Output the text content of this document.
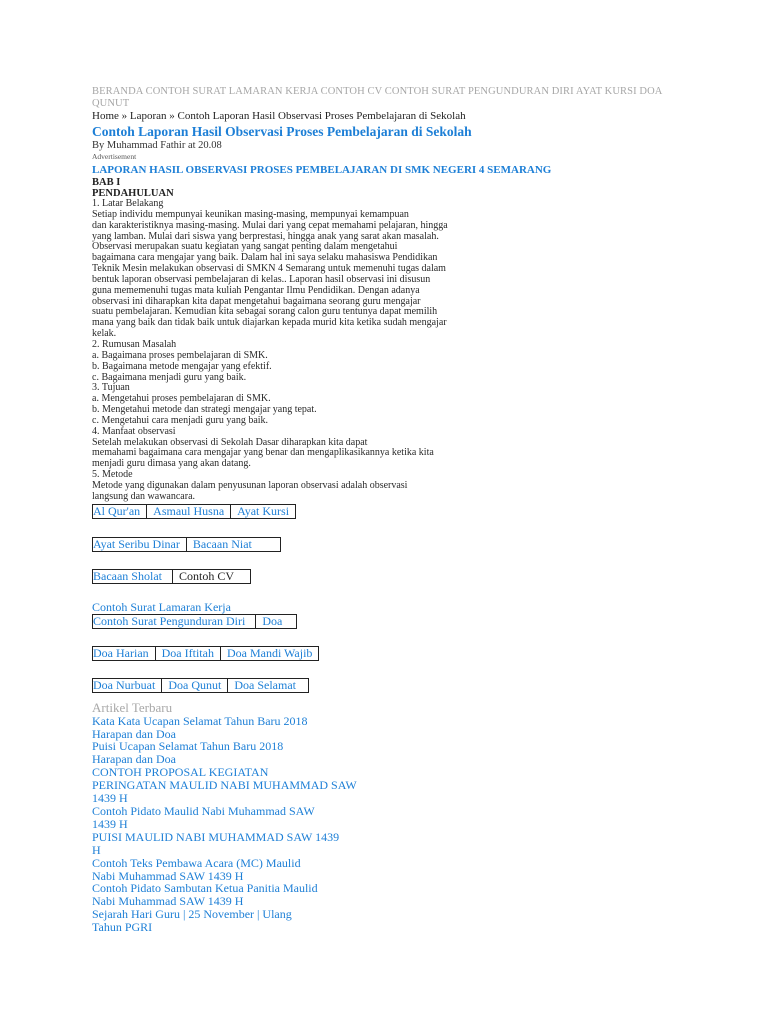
BERANDA CONTOH SURAT LAMARAN KERJA CONTOH CV CONTOH SURAT PENGUNDURAN DIRI AYAT KURSI DOA
QUNUT
Home » Laporan » Contoh Laporan Hasil Observasi Proses Pembelajaran di Sekolah
Contoh Laporan Hasil Observasi Proses Pembelajaran di Sekolah
By Muhammad Fathir at 20.08
Advertisement
LAPORAN HASIL OBSERVASI PROSES PEMBELAJARAN DI SMK NEGERI 4 SEMARANG
BAB I
PENDAHULUAN
1. Latar Belakang
Setiap individu mempunyai keunikan masing-masing, mempunyai kemampuan
dan karakteristiknya masing-masing. Mulai dari yang cepat memahami pelajaran, hingga
yang lamban. Mulai dari siswa yang berprestasi, hingga anak yang sarat akan masalah.
Observasi merupakan suatu kegiatan yang sangat penting dalam mengetahui
bagaimana cara mengajar yang baik. Dalam hal ini saya selaku mahasiswa Pendidikan
Teknik Mesin melakukan observasi di SMKN 4 Semarang untuk memenuhi tugas dalam
bentuk laporan observasi pembelajaran di kelas.. Laporan hasil observasi ini disusun
guna mememenuhi tugas mata kuliah Pengantar Ilmu Pendidikan. Dengan adanya
observasi ini diharapkan kita dapat mengetahui bagaimana seorang guru mengajar
suatu pembelajaran. Kemudian kita sebagai sorang calon guru tentunya dapat memilih
mana yang baik dan tidak baik untuk diajarkan kepada murid kita ketika sudah mengajar
kelak.
2. Rumusan Masalah
a. Bagaimana proses pembelajaran di SMK.
b. Bagaimana metode mengajar yang efektif.
c. Bagaimana menjadi guru yang baik.
3. Tujuan
a. Mengetahui proses pembelajaran di SMK.
b. Mengetahui metode dan strategi mengajar yang tepat.
c. Mengetahui cara menjadi guru yang baik.
4. Manfaat observasi
Setelah melakukan observasi di Sekolah Dasar diharapkan kita dapat
memahami bagaimana cara mengajar yang benar dan mengaplikasikannya ketika kita
menjadi guru dimasa yang akan datang.
5. Metode
Metode yang digunakan dalam penyusunan laporan observasi adalah observasi
langsung dan wawancara.
Al Qur'an	Asmaul Husna	Ayat Kursi
Ayat Seribu Dinar	Bacaan Niat
Bacaan Sholat	Contoh CV
Contoh Surat Lamaran Kerja
Contoh Surat Pengunduran Diri	Doa
Doa Harian	Doa Iftitah	Doa Mandi Wajib
Doa Nurbuat	Doa Qunut	Doa Selamat
Artikel Terbaru
Kata Kata Ucapan Selamat Tahun Baru 2018
Harapan dan Doa
Puisi Ucapan Selamat Tahun Baru 2018
Harapan dan Doa
CONTOH PROPOSAL KEGIATAN
PERINGATAN MAULID NABI MUHAMMAD SAW
1439 H
Contoh Pidato Maulid Nabi Muhammad SAW
1439 H
PUISI MAULID NABI MUHAMMAD SAW 1439
H
Contoh Teks Pembawa Acara (MC) Maulid
Nabi Muhammad SAW 1439 H
Contoh Pidato Sambutan Ketua Panitia Maulid
Nabi Muhammad SAW 1439 H
Sejarah Hari Guru | 25 November | Ulang
Tahun PGRI
